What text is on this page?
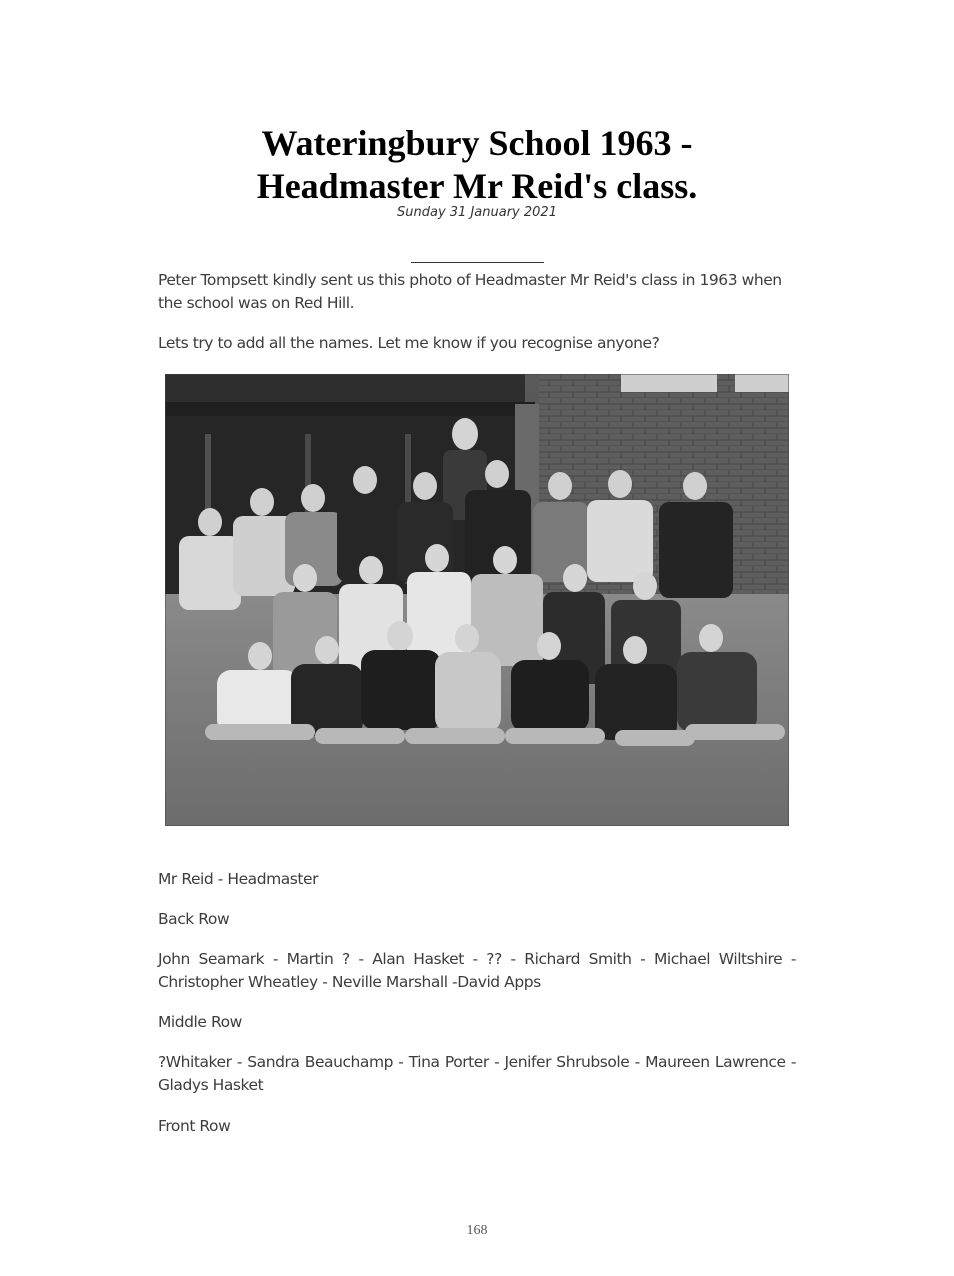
Wateringbury School 1963 -
Headmaster Mr Reid's class.
Sunday 31 January 2021

Peter Tompsett kindly sent us this photo of Headmaster Mr Reid's class in 1963 when the school was on Red Hill.

Lets try to add all the names. Let me know if you recognise anyone?

Mr Reid - Headmaster

Back Row

John Seamark - Martin ? - Alan Hasket - ?? - Richard Smith - Michael Wiltshire - Christopher Wheatley - Neville Marshall -David Apps

Middle Row

?Whitaker - Sandra Beauchamp - Tina Porter - Jenifer Shrubsole - Maureen Lawrence - Gladys Hasket

Front Row

168
